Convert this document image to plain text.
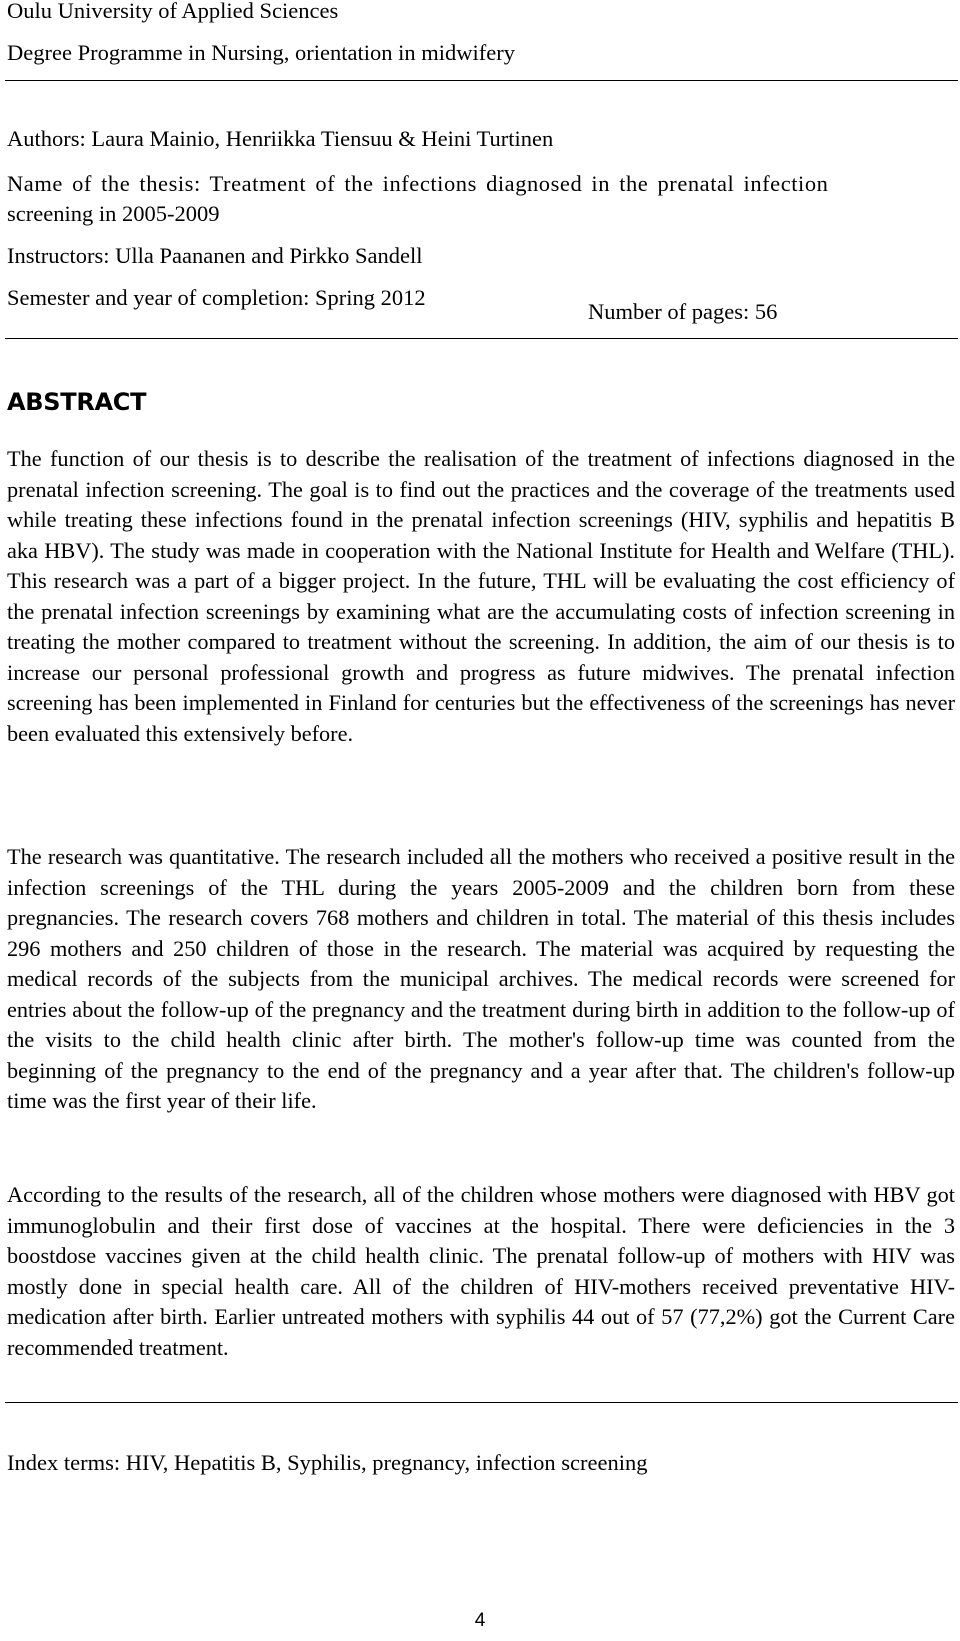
Oulu University of Applied Sciences
Degree Programme in Nursing, orientation in midwifery
Authors: Laura Mainio, Henriikka Tiensuu & Heini Turtinen
Name of the thesis: Treatment of the infections diagnosed in the prenatal infection
screening in 2005-2009
Instructors: Ulla Paananen and Pirkko Sandell
Semester and year of completion: Spring 2012
Number of pages: 56
ABSTRACT
The function of our thesis is to describe the realisation of the treatment of infections diagnosed in the prenatal infection screening. The goal is to find out the practices and the coverage of the treatments used while treating these infections found in the prenatal infection screenings (HIV, syphilis and hepatitis B aka HBV). The study was made in cooperation with the National Institute for Health and Welfare (THL). This research was a part of a bigger project. In the future, THL will be evaluating the cost efficiency of the prenatal infection screenings by examining what are the accumulating costs of infection screening in treating the mother compared to treatment without the screening. In addition, the aim of our thesis is to increase our personal professional growth and progress as future midwives. The prenatal infection screening has been implemented in Finland for centuries but the effectiveness of the screenings has never been evaluated this extensively before.
The research was quantitative. The research included all the mothers who received a positive result in the infection screenings of the THL during the years 2005-2009 and the children born from these pregnancies. The research covers 768 mothers and children in total. The material of this thesis includes 296 mothers and 250 children of those in the research. The material was acquired by requesting the medical records of the subjects from the municipal archives. The medical records were screened for entries about the follow-up of the pregnancy and the treatment during birth in addition to the follow-up of the visits to the child health clinic after birth. The mother's follow-up time was counted from the beginning of the pregnancy to the end of the pregnancy and a year after that. The children's follow-up time was the first year of their life.
According to the results of the research, all of the children whose mothers were diagnosed with HBV got immunoglobulin and their first dose of vaccines at the hospital. There were deficiencies in the 3 boostdose vaccines given at the child health clinic. The prenatal follow-up of mothers with HIV was mostly done in special health care. All of the children of HIV-mothers received preventative HIV-medication after birth. Earlier untreated mothers with syphilis 44 out of 57 (77,2%) got the Current Care recommended treatment.
Index terms: HIV, Hepatitis B, Syphilis, pregnancy, infection screening
4
